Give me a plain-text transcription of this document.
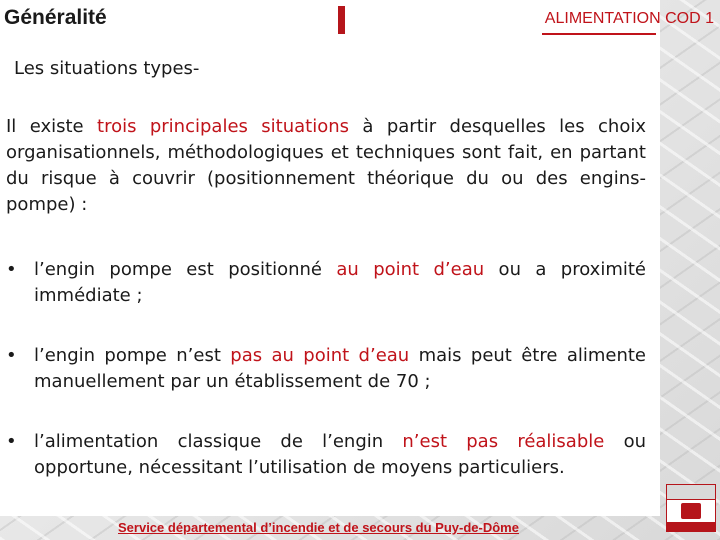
Généralité	ALIMENTATION COD 1
Les situations types-
Il existe trois principales situations à partir desquelles les choix organisationnels, méthodologiques et techniques sont fait, en partant du risque à couvrir (positionnement théorique du ou des engins-pompe) :
• l’engin pompe est positionné au point d’eau ou a proximité immédiate ;
• l’engin pompe n’est pas au point d’eau mais peut être alimente manuellement par un établissement de 70 ;
• l’alimentation classique de l’engin n’est pas réalisable ou opportune, nécessitant l’utilisation de moyens particuliers.
Service départemental d’incendie et de secours du Puy-de-Dôme
